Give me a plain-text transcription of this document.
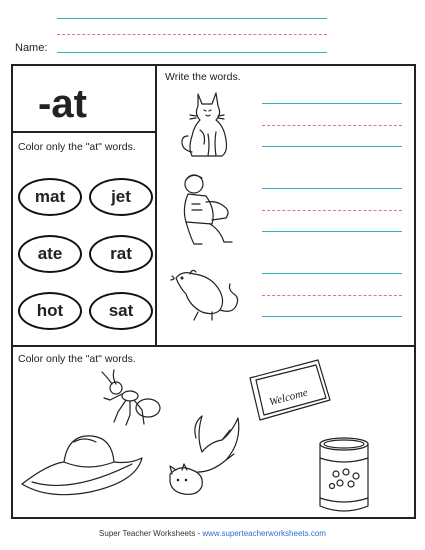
Name:
-at
Color only the "at" words.
mat	jet
ate	rat
hot	sat
Write the words.
Color only the "at" words.
Welcome
Super Teacher Worksheets - www.superteacherworksheets.com
